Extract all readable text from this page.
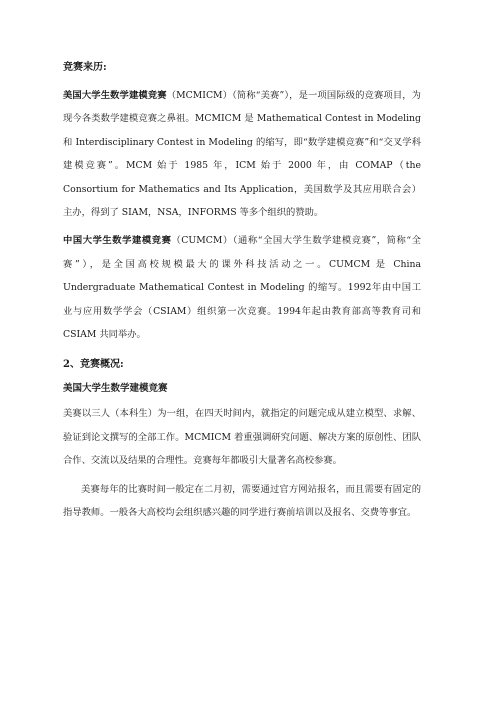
竞赛来历:

美国大学生数学建模竞赛（MCMICM）（简称“美赛”），是一项国际级的竞赛项目，为现今各类数学建模竞赛之鼻祖。MCMICM 是 Mathematical Contest in Modeling 和 Interdisciplinary Contest in Modeling 的缩写，即“数学建模竞赛”和“交叉学科建模竞赛”。MCM 始于 1985 年，ICM 始于 2000 年，由 COMAP（the Consortium for Mathematics and Its Application，美国数学及其应用联合会）主办，得到了 SIAM，NSA，INFORMS 等多个组织的赞助。

中国大学生数学建模竞赛（CUMCM）（通称“全国大学生数学建模竞赛”，简称“全赛”），是全国高校规模最大的课外科技活动之一。CUMCM 是 China Undergraduate Mathematical Contest in Modeling 的缩写。1992年由中国工业与应用数学学会（CSIAM）组织第一次竞赛。1994年起由教育部高等教育司和 CSIAM 共同举办。

2、竞赛概况:
美国大学生数学建模竞赛

美赛以三人（本科生）为一组，在四天时间内，就指定的问题完成从建立模型、求解、验证到论文撰写的全部工作。MCMICM 着重强调研究问题、解决方案的原创性、团队合作、交流以及结果的合理性。竞赛每年都吸引大量著名高校参赛。

美赛每年的比赛时间一般定在二月初，需要通过官方网站报名，而且需要有固定的指导教师。一般各大高校均会组织感兴趣的同学进行赛前培训以及报名、交费等事宜。
